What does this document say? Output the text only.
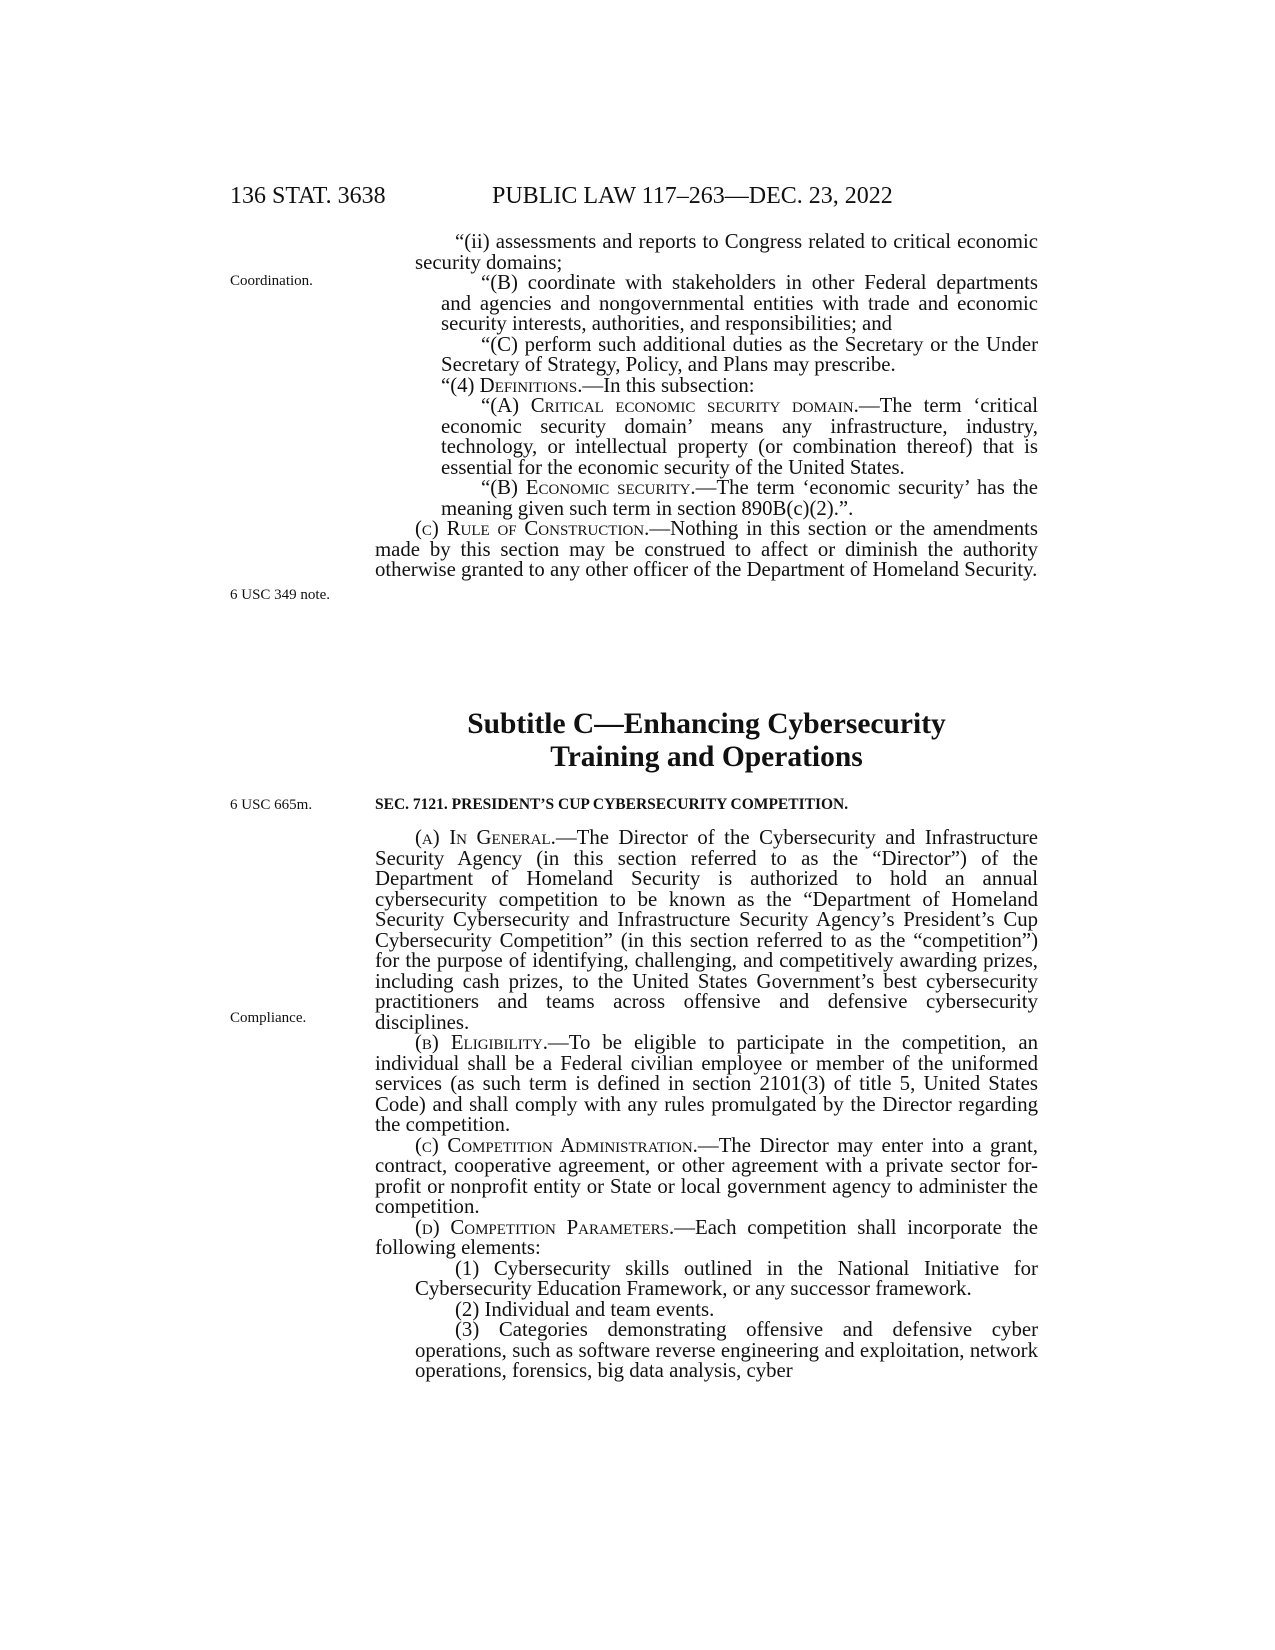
136 STAT. 3638	PUBLIC LAW 117–263—DEC. 23, 2022
Coordination.
6 USC 349 note.
6 USC 665m.
Compliance.

“(ii) assessments and reports to Congress related to critical economic security domains;

“(B) coordinate with stakeholders in other Federal departments and agencies and nongovernmental entities with trade and economic security interests, authorities, and responsibilities; and

“(C) perform such additional duties as the Secretary or the Under Secretary of Strategy, Policy, and Plans may prescribe.

“(4) Definitions.—In this subsection:

“(A) Critical economic security domain.—The term ‘critical economic security domain’ means any infrastructure, industry, technology, or intellectual property (or combination thereof) that is essential for the economic security of the United States.

“(B) Economic security.—The term ‘economic security’ has the meaning given such term in section 890B(c)(2).”.

(c) Rule of Construction.—Nothing in this section or the amendments made by this section may be construed to affect or diminish the authority otherwise granted to any other officer of the Department of Homeland Security.

Subtitle C—Enhancing Cybersecurity
Training and Operations
SEC. 7121. PRESIDENT’S CUP CYBERSECURITY COMPETITION.

(a) In General.—The Director of the Cybersecurity and Infrastructure Security Agency (in this section referred to as the “Director”) of the Department of Homeland Security is authorized to hold an annual cybersecurity competition to be known as the “Department of Homeland Security Cybersecurity and Infrastructure Security Agency’s President’s Cup Cybersecurity Competition” (in this section referred to as the “competition”) for the purpose of identifying, challenging, and competitively awarding prizes, including cash prizes, to the United States Government’s best cybersecurity practitioners and teams across offensive and defensive cybersecurity disciplines.

(b) Eligibility.—To be eligible to participate in the competition, an individual shall be a Federal civilian employee or member of the uniformed services (as such term is defined in section 2101(3) of title 5, United States Code) and shall comply with any rules promulgated by the Director regarding the competition.

(c) Competition Administration.—The Director may enter into a grant, contract, cooperative agreement, or other agreement with a private sector for-profit or nonprofit entity or State or local government agency to administer the competition.

(d) Competition Parameters.—Each competition shall incorporate the following elements:

(1) Cybersecurity skills outlined in the National Initiative for Cybersecurity Education Framework, or any successor framework.

(2) Individual and team events.

(3) Categories demonstrating offensive and defensive cyber operations, such as software reverse engineering and exploitation, network operations, forensics, big data analysis, cyber
